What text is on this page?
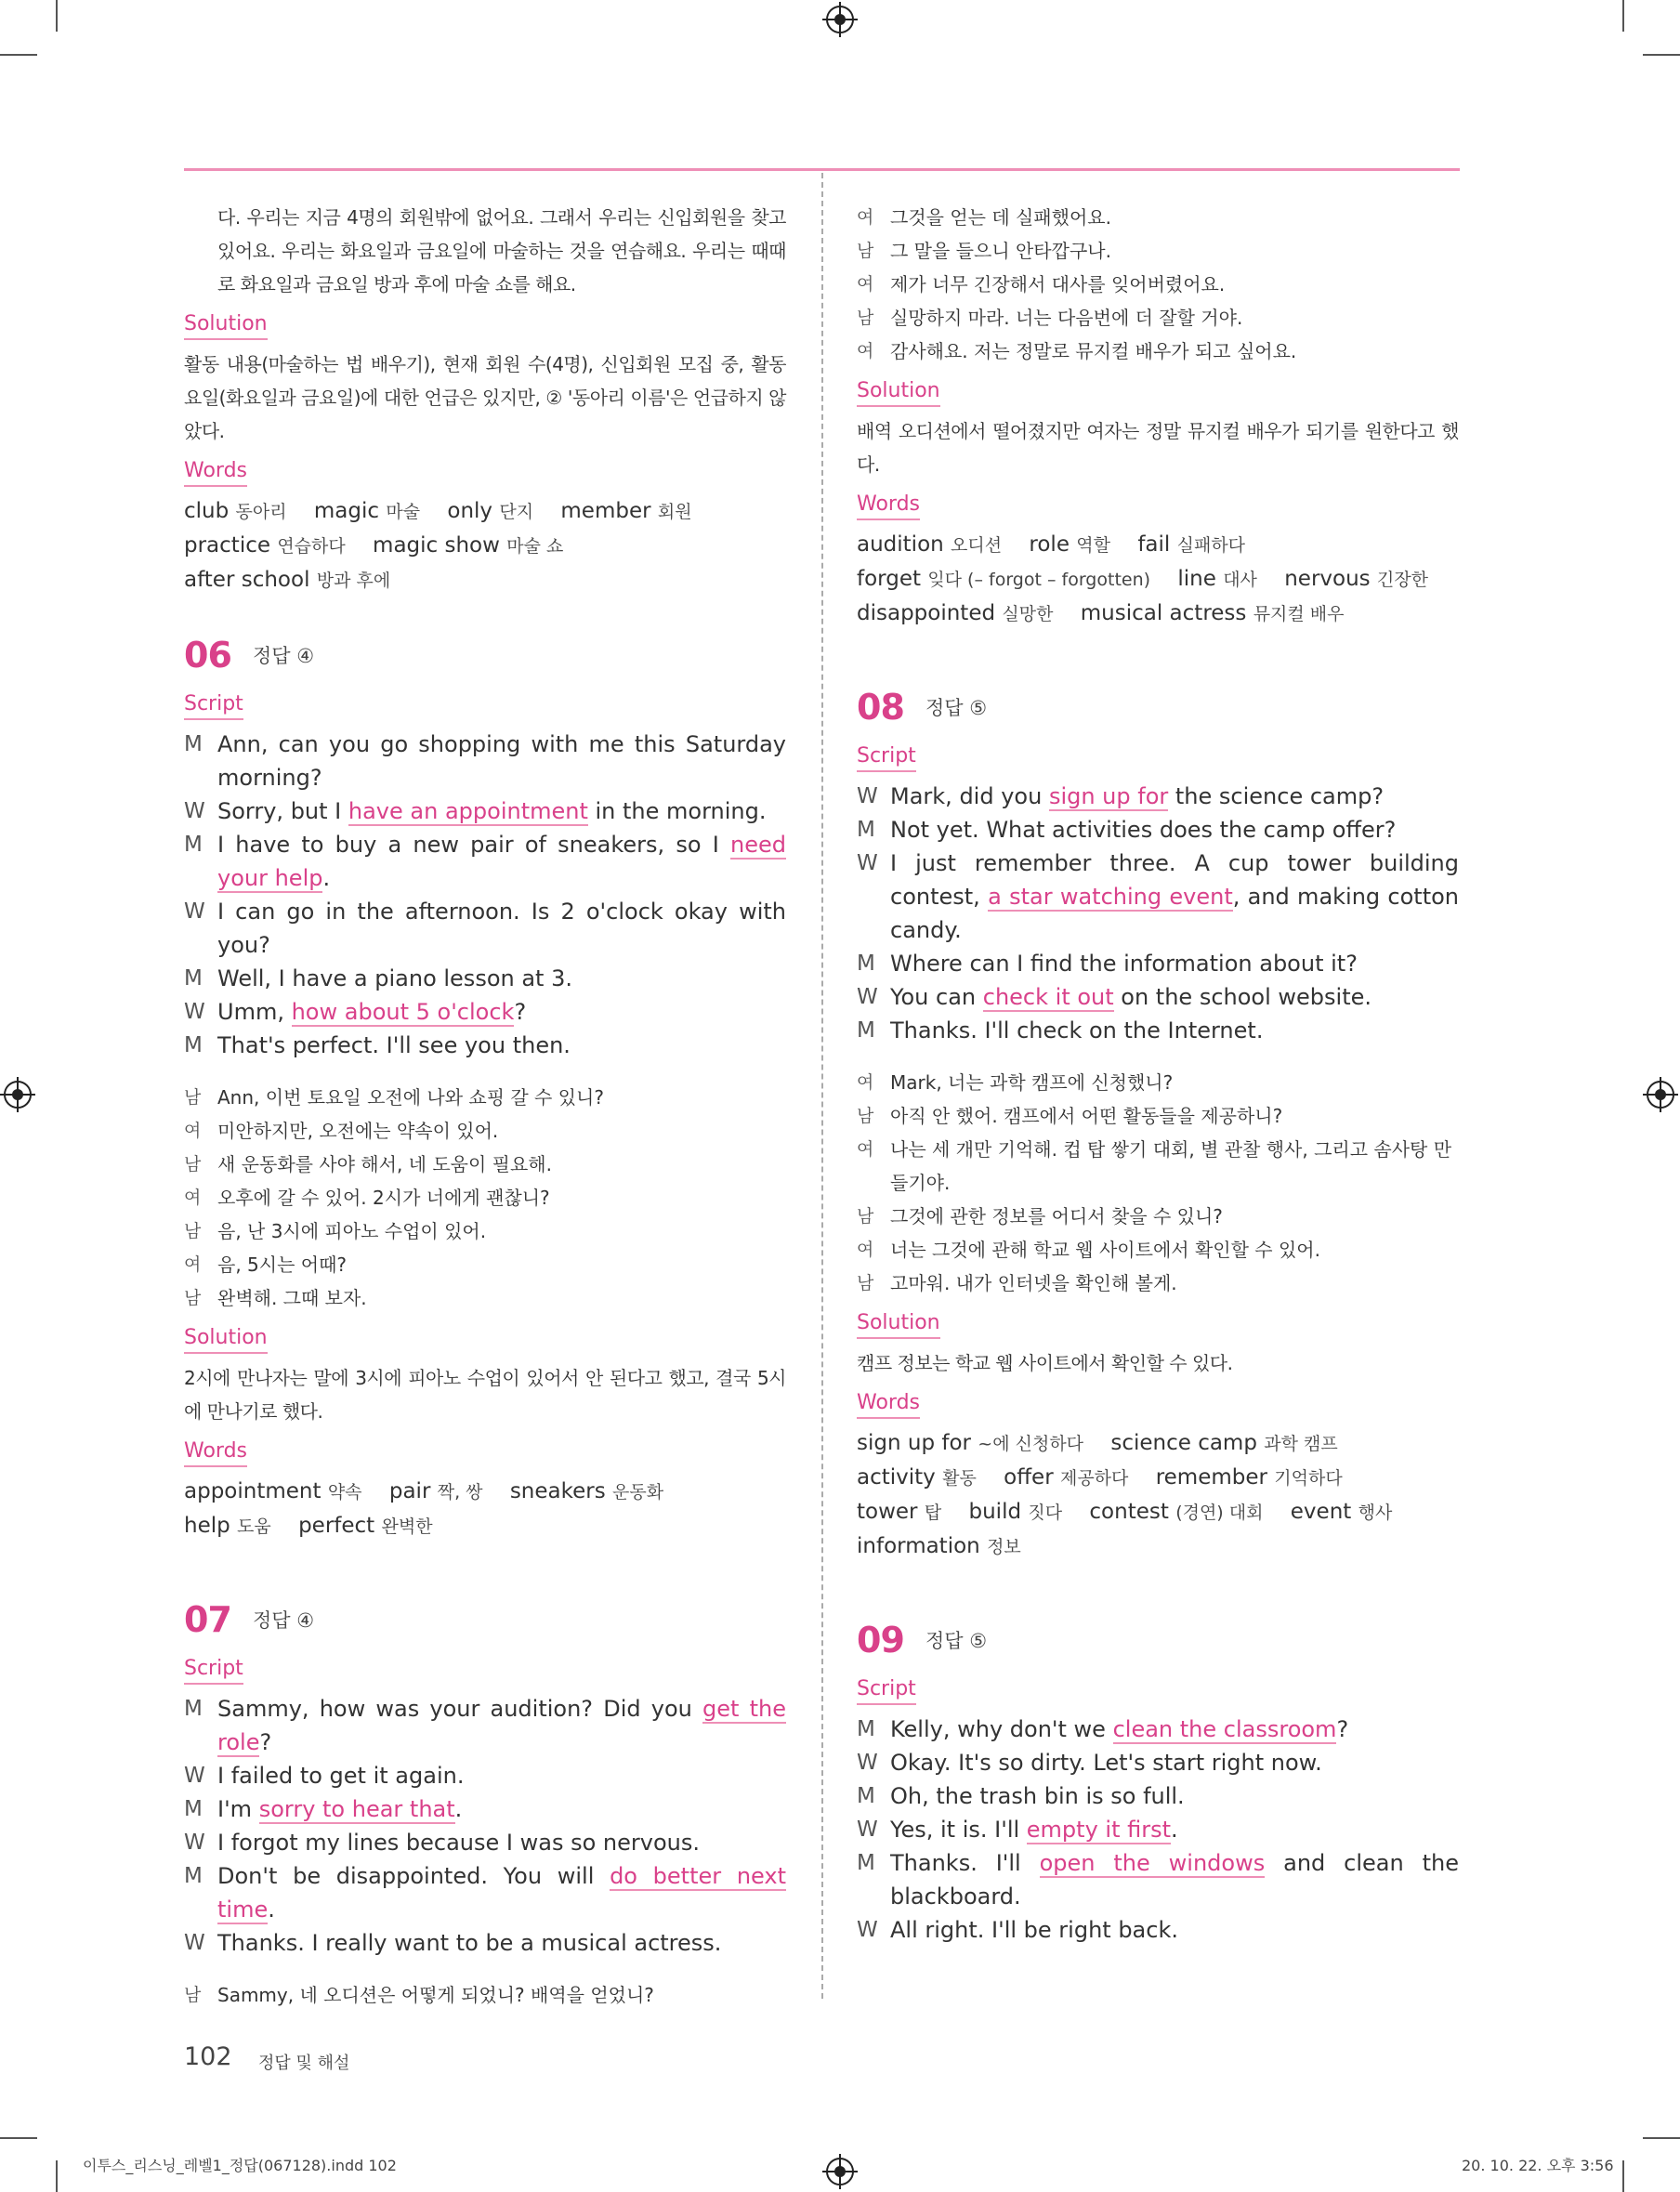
다. 우리는 지금 4명의 회원밖에 없어요. 그래서 우리는 신입회원을 찾고 있어요. 우리는 화요일과 금요일에 마술하는 것을 연습해요. 우리는 때때로 화요일과 금요일 방과 후에 마술 쇼를 해요.
Solution
활동 내용(마술하는 법 배우기), 현재 회원 수(4명), 신입회원 모집 중, 활동 요일(화요일과 금요일)에 대한 언급은 있지만, ② '동아리 이름'은 언급하지 않았다.
Words
club 동아리 magic 마술 only 단지 member 회원 practice 연습하다 magic show 마술 쇼 after school 방과 후에
06 정답 ④
Script
M Ann, can you go shopping with me this Saturday morning?
W Sorry, but I have an appointment in the morning.
M I have to buy a new pair of sneakers, so I need your help.
W I can go in the afternoon. Is 2 o'clock okay with you?
M Well, I have a piano lesson at 3.
W Umm, how about 5 o'clock?
M That's perfect. I'll see you then.
남 Ann, 이번 토요일 오전에 나와 쇼핑 갈 수 있니?
여 미안하지만, 오전에는 약속이 있어.
남 새 운동화를 사야 해서, 네 도움이 필요해.
여 오후에 갈 수 있어. 2시가 너에게 괜찮니?
남 음, 난 3시에 피아노 수업이 있어.
여 음, 5시는 어때?
남 완벽해. 그때 보자.
Solution
2시에 만나자는 말에 3시에 피아노 수업이 있어서 안 된다고 했고, 결국 5시에 만나기로 했다.
Words
appointment 약속 pair 짝, 쌍 sneakers 운동화 help 도움 perfect 완벽한
07 정답 ④
Script
M Sammy, how was your audition? Did you get the role?
W I failed to get it again.
M I'm sorry to hear that.
W I forgot my lines because I was so nervous.
M Don't be disappointed. You will do better next time.
W Thanks. I really want to be a musical actress.
남 Sammy, 네 오디션은 어떻게 되었니? 배역을 얻었니?
여 그것을 얻는 데 실패했어요.
남 그 말을 들으니 안타깝구나.
여 제가 너무 긴장해서 대사를 잊어버렸어요.
남 실망하지 마라. 너는 다음번에 더 잘할 거야.
여 감사해요. 저는 정말로 뮤지컬 배우가 되고 싶어요.
Solution
배역 오디션에서 떨어졌지만 여자는 정말 뮤지컬 배우가 되기를 원한다고 했다.
Words
audition 오디션 role 역할 fail 실패하다 forget 잊다 (– forgot – forgotten) line 대사 nervous 긴장한 disappointed 실망한 musical actress 뮤지컬 배우
08 정답 ⑤
Script
W Mark, did you sign up for the science camp?
M Not yet. What activities does the camp offer?
W I just remember three. A cup tower building contest, a star watching event, and making cotton candy.
M Where can I find the information about it?
W You can check it out on the school website.
M Thanks. I'll check on the Internet.
여 Mark, 너는 과학 캠프에 신청했니?
남 아직 안 했어. 캠프에서 어떤 활동들을 제공하니?
여 나는 세 개만 기억해. 컵 탑 쌓기 대회, 별 관찰 행사, 그리고 솜사탕 만들기야.
남 그것에 관한 정보를 어디서 찾을 수 있니?
여 너는 그것에 관해 학교 웹 사이트에서 확인할 수 있어.
남 고마워. 내가 인터넷을 확인해 볼게.
Solution
캠프 정보는 학교 웹 사이트에서 확인할 수 있다.
Words
sign up for ~에 신청하다 science camp 과학 캠프 activity 활동 offer 제공하다 remember 기억하다 tower 탑 build 짓다 contest (경연) 대회 event 행사 information 정보
09 정답 ⑤
Script
M Kelly, why don't we clean the classroom?
W Okay. It's so dirty. Let's start right now.
M Oh, the trash bin is so full.
W Yes, it is. I'll empty it first.
M Thanks. I'll open the windows and clean the blackboard.
W All right. I'll be right back.
102 정답 및 해설
이투스_리스닝_레벨1_정답(067128).indd 102	20. 10. 22. 오후 3:56
